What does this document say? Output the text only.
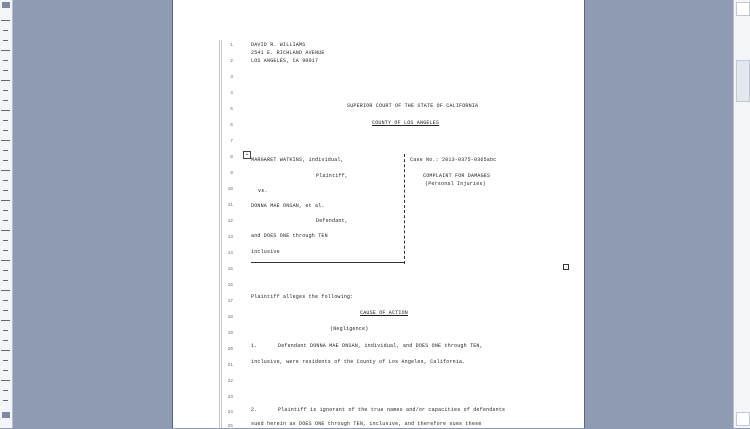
1
2
3
4
5
6
7
8
9
10
11
12
13
14
15
16
17
18
19
20
21
22
23
24
25
DAVID R. WILLIAMS
2541 E. RICHLAND AVENUE
LOS ANGELES, CA 90017
SUPERIOR COURT OF THE STATE OF CALIFORNIA
COUNTY OF LOS ANGELES
+
MARGARET WATKINS, individual,
Plaintiff,
vs.
DONNA MAE ONSAN, et al.
Defendant,
and DOES ONE through TEN
inclusive
Case No.: 2013-0375-0365abc
COMPLAINT FOR DAMAGES
(Personal Injuries)
Plaintiff alleges the following:
CAUSE OF ACTION
(Negligence)
1.	Defendant DONNA MAE ONSAN, individual, and DOES ONE through TEN,
inclusive, were residents of the County of Los Angeles, California.
2.	Plaintiff is ignorant of the true names and/or capacities of defendants
sued herein as DOES ONE through TEN, inclusive, and therefore sues these
